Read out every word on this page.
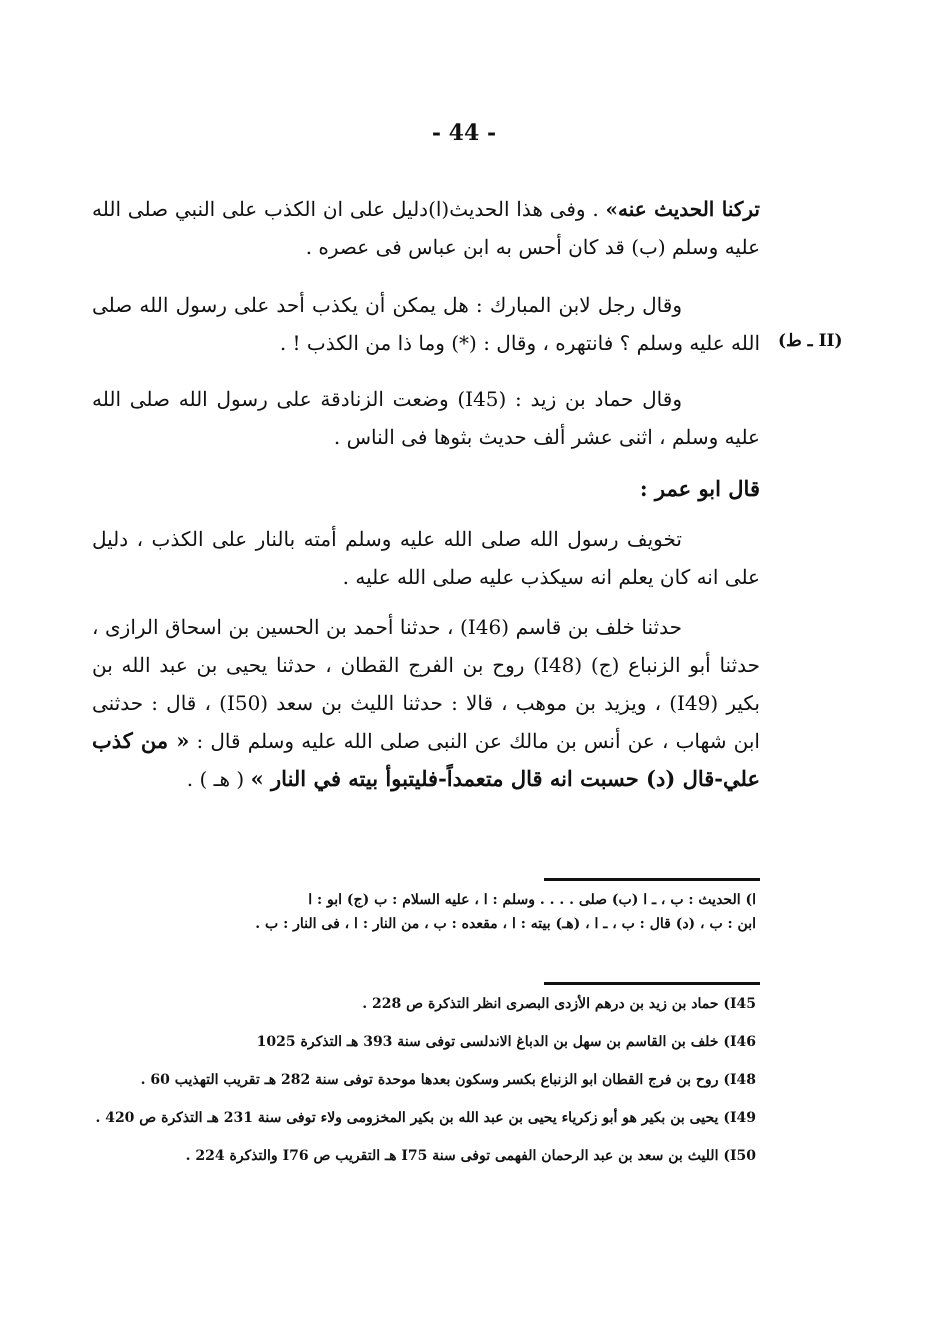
- 44 -

تركنا الحديث عنه» . وفى هذا الحديث(ا)دليل على ان الكذب على النبي صلى الله عليه وسلم (ب) قد كان أحس به ابن عباس فى عصره .

وقال رجل لابن المبارك : هل يمكن أن يكذب أحد على رسول الله صلى الله عليه وسلم ؟ فانتهره ، وقال : (*) وما ذا من الكذب ! . (II ـ ط)

وقال حماد بن زيد : (I45) وضعت الزنادقة على رسول الله صلى الله عليه وسلم ، اثنى عشر ألف حديث بثوها فى الناس .

قال ابو عمر :

تخويف رسول الله صلى الله عليه وسلم أمته بالنار على الكذب ، دليل على انه كان يعلم انه سيكذب عليه صلى الله عليه .

حدثنا خلف بن قاسم (I46) ، حدثنا أحمد بن الحسين بن اسحاق الرازى ، حدثنا أبو الزنباع (ج) (I48) روح بن الفرج القطان ، حدثنا يحيى بن عبد الله بن بكير (I49) ، ويزيد بن موهب ، قالا : حدثنا الليث بن سعد (I50) ، قال : حدثنى ابن شهاب ، عن أنس بن مالك عن النبى صلى الله عليه وسلم قال : « من كذب علي-قال (د) حسبت انه قال متعمداً-فليتبوأ بيته في النار » ( هـ ) .

ا) الحديث : ب ، ـ ا (ب) صلى . . . . وسلم : ا ، عليه السلام : ب (ج) ابو : ا

ابن : ب ، (د) قال : ب ، ـ ا ، (هـ) بيته : ا ، مقعده : ب ، من النار : ا ، فى النار : ب .

I45) حماد بن زيد بن درهم الأزدى البصرى انظر التذكرة ص 228 .

I46) خلف بن القاسم بن سهل بن الدباغ الاندلسى توفى سنة 393 هـ التذكرة 1025

I48) روح بن فرج القطان ابو الزنباع بكسر وسكون بعدها موحدة توفى سنة 282 هـ تقريب التهذيب 60 .

I49) يحيى بن بكير هو أبو زكرياء يحيى بن عبد الله بن بكير المخزومى ولاء توفى سنة 231 هـ التذكرة ص 420 .

I50) الليث بن سعد بن عبد الرحمان الفهمى توفى سنة I75 هـ التقريب ص I76 والتذكرة 224 .
